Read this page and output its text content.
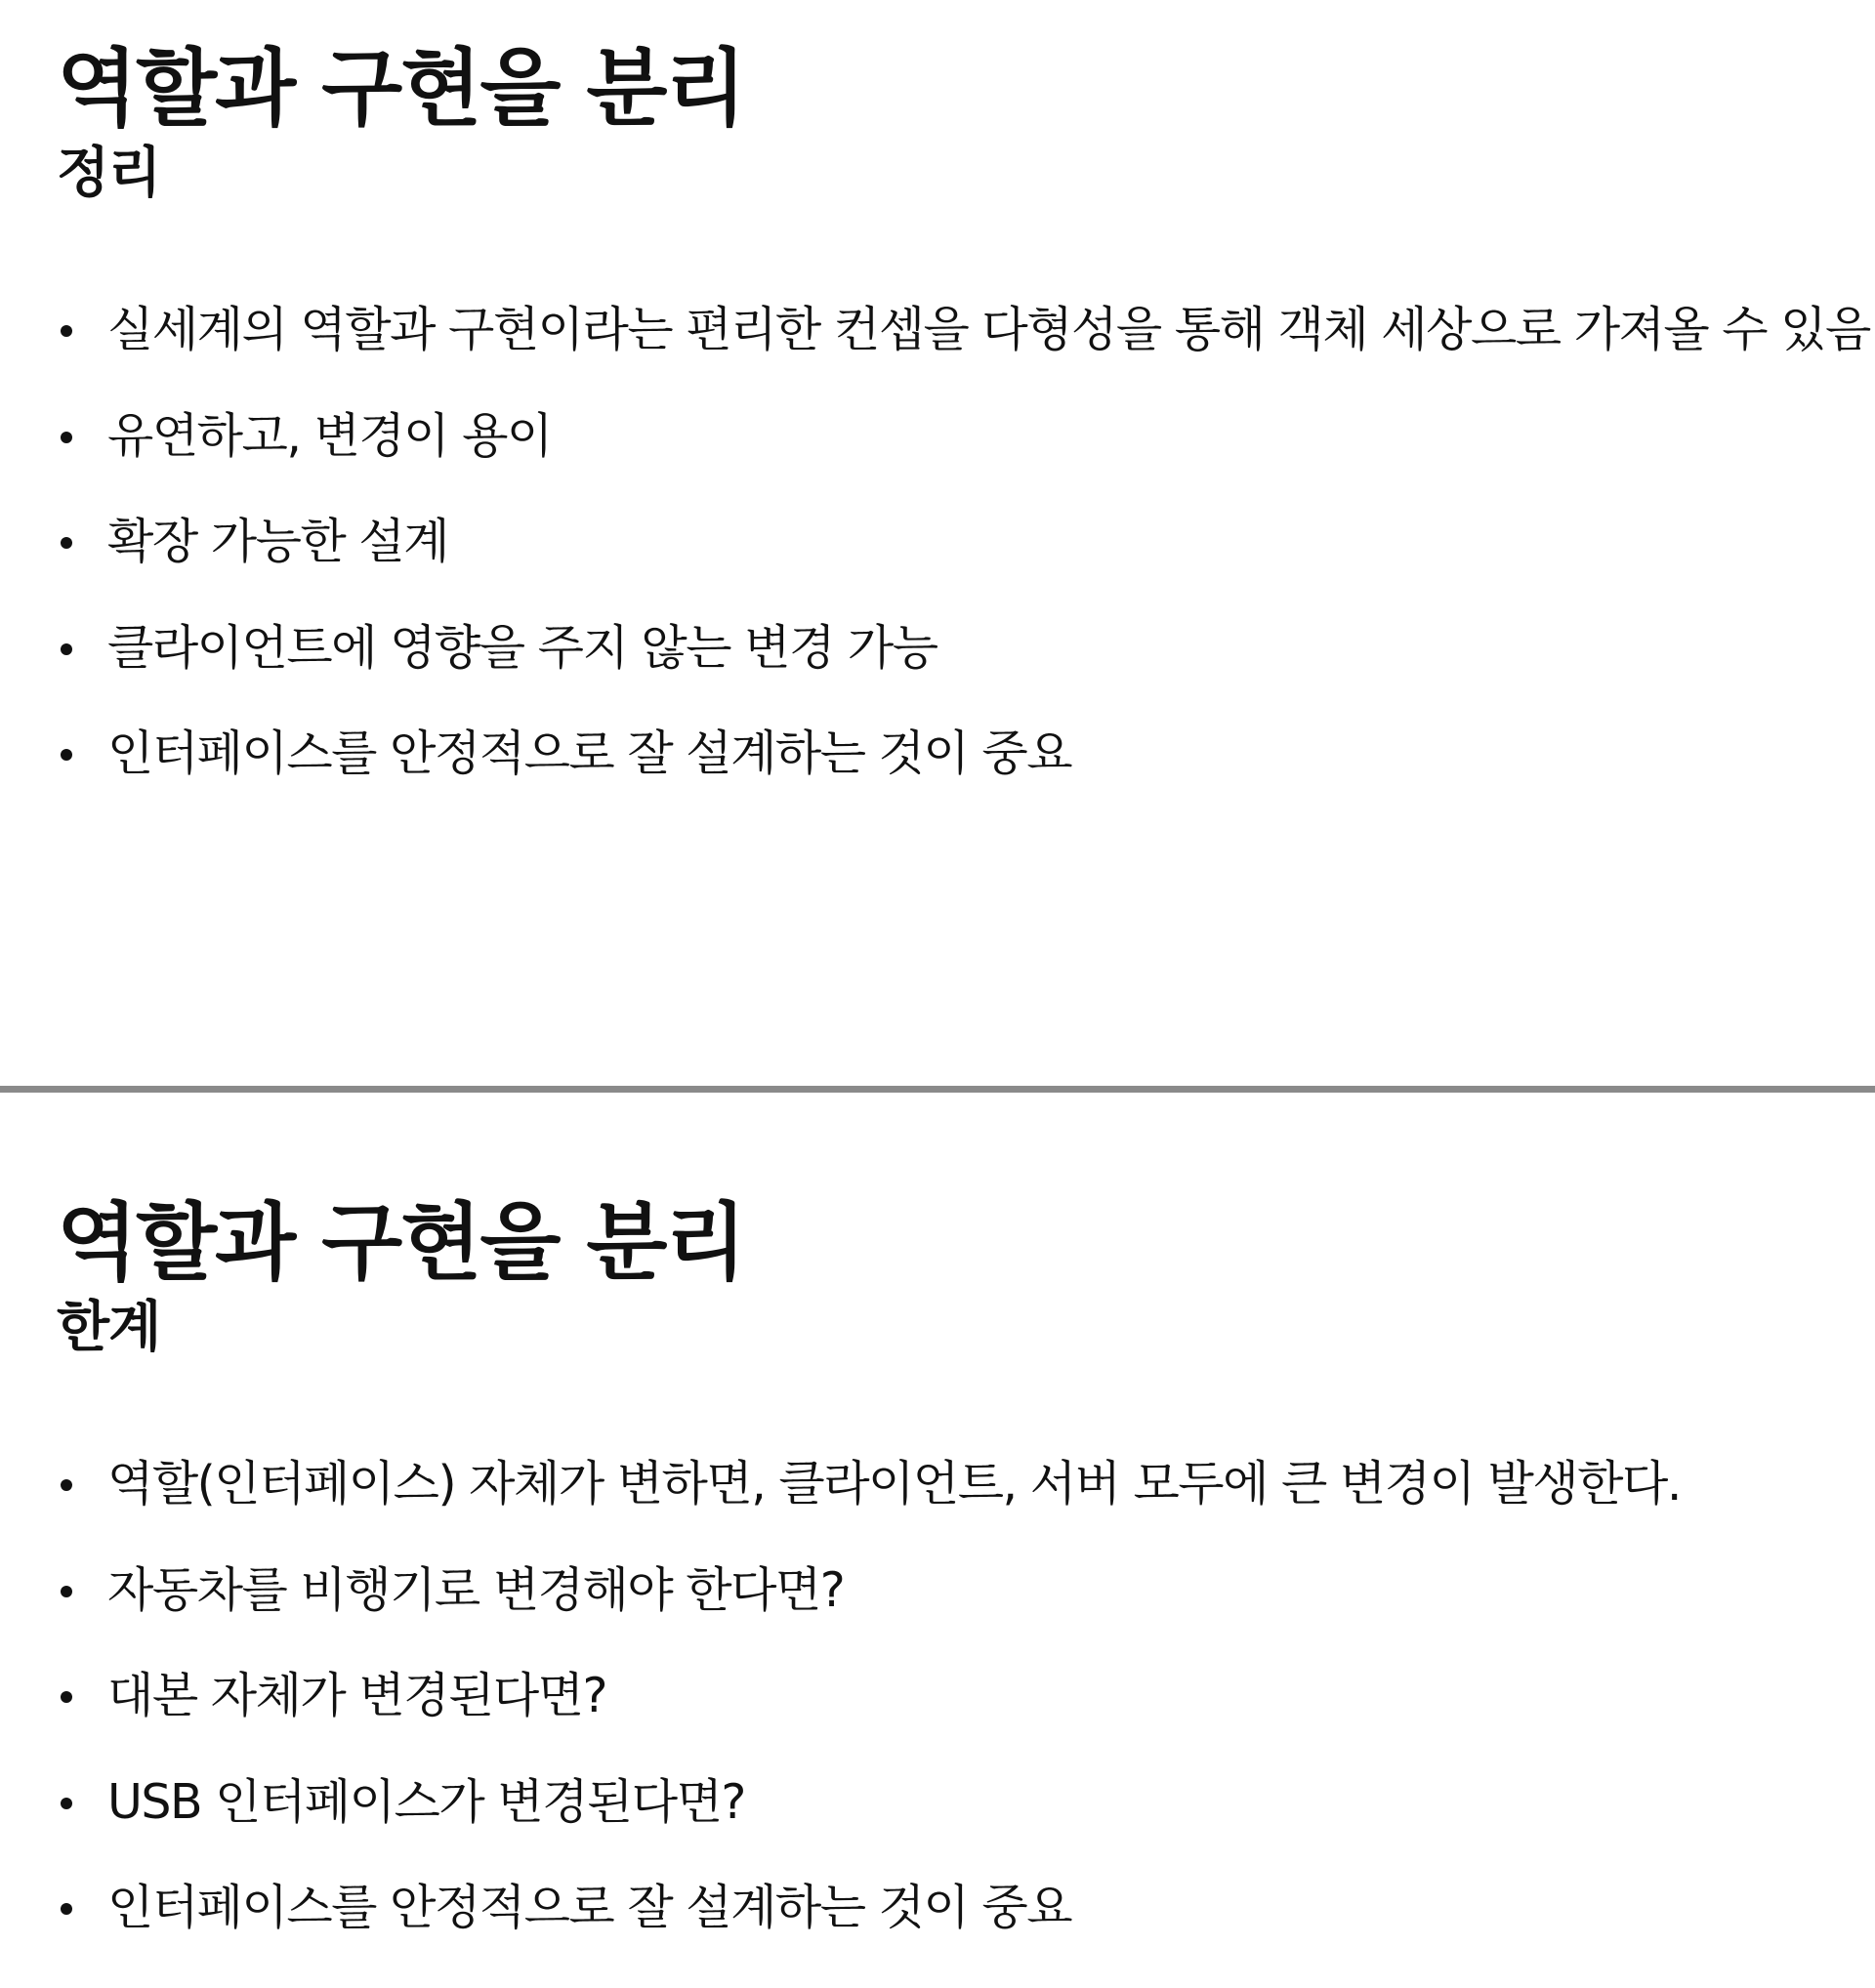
역할과 구현을 분리
정리
실세계의 역할과 구현이라는 편리한 컨셉을 다형성을 통해 객체 세상으로 가져올 수 있음
유연하고, 변경이 용이
확장 가능한 설계
클라이언트에 영향을 주지 않는 변경 가능
인터페이스를 안정적으로 잘 설계하는 것이 중요
역할과 구현을 분리
한계
역할(인터페이스) 자체가 변하면, 클라이언트, 서버 모두에 큰 변경이 발생한다.
자동차를 비행기로 변경해야 한다면?
대본 자체가 변경된다면?
USB 인터페이스가 변경된다면?
인터페이스를 안정적으로 잘 설계하는 것이 중요
